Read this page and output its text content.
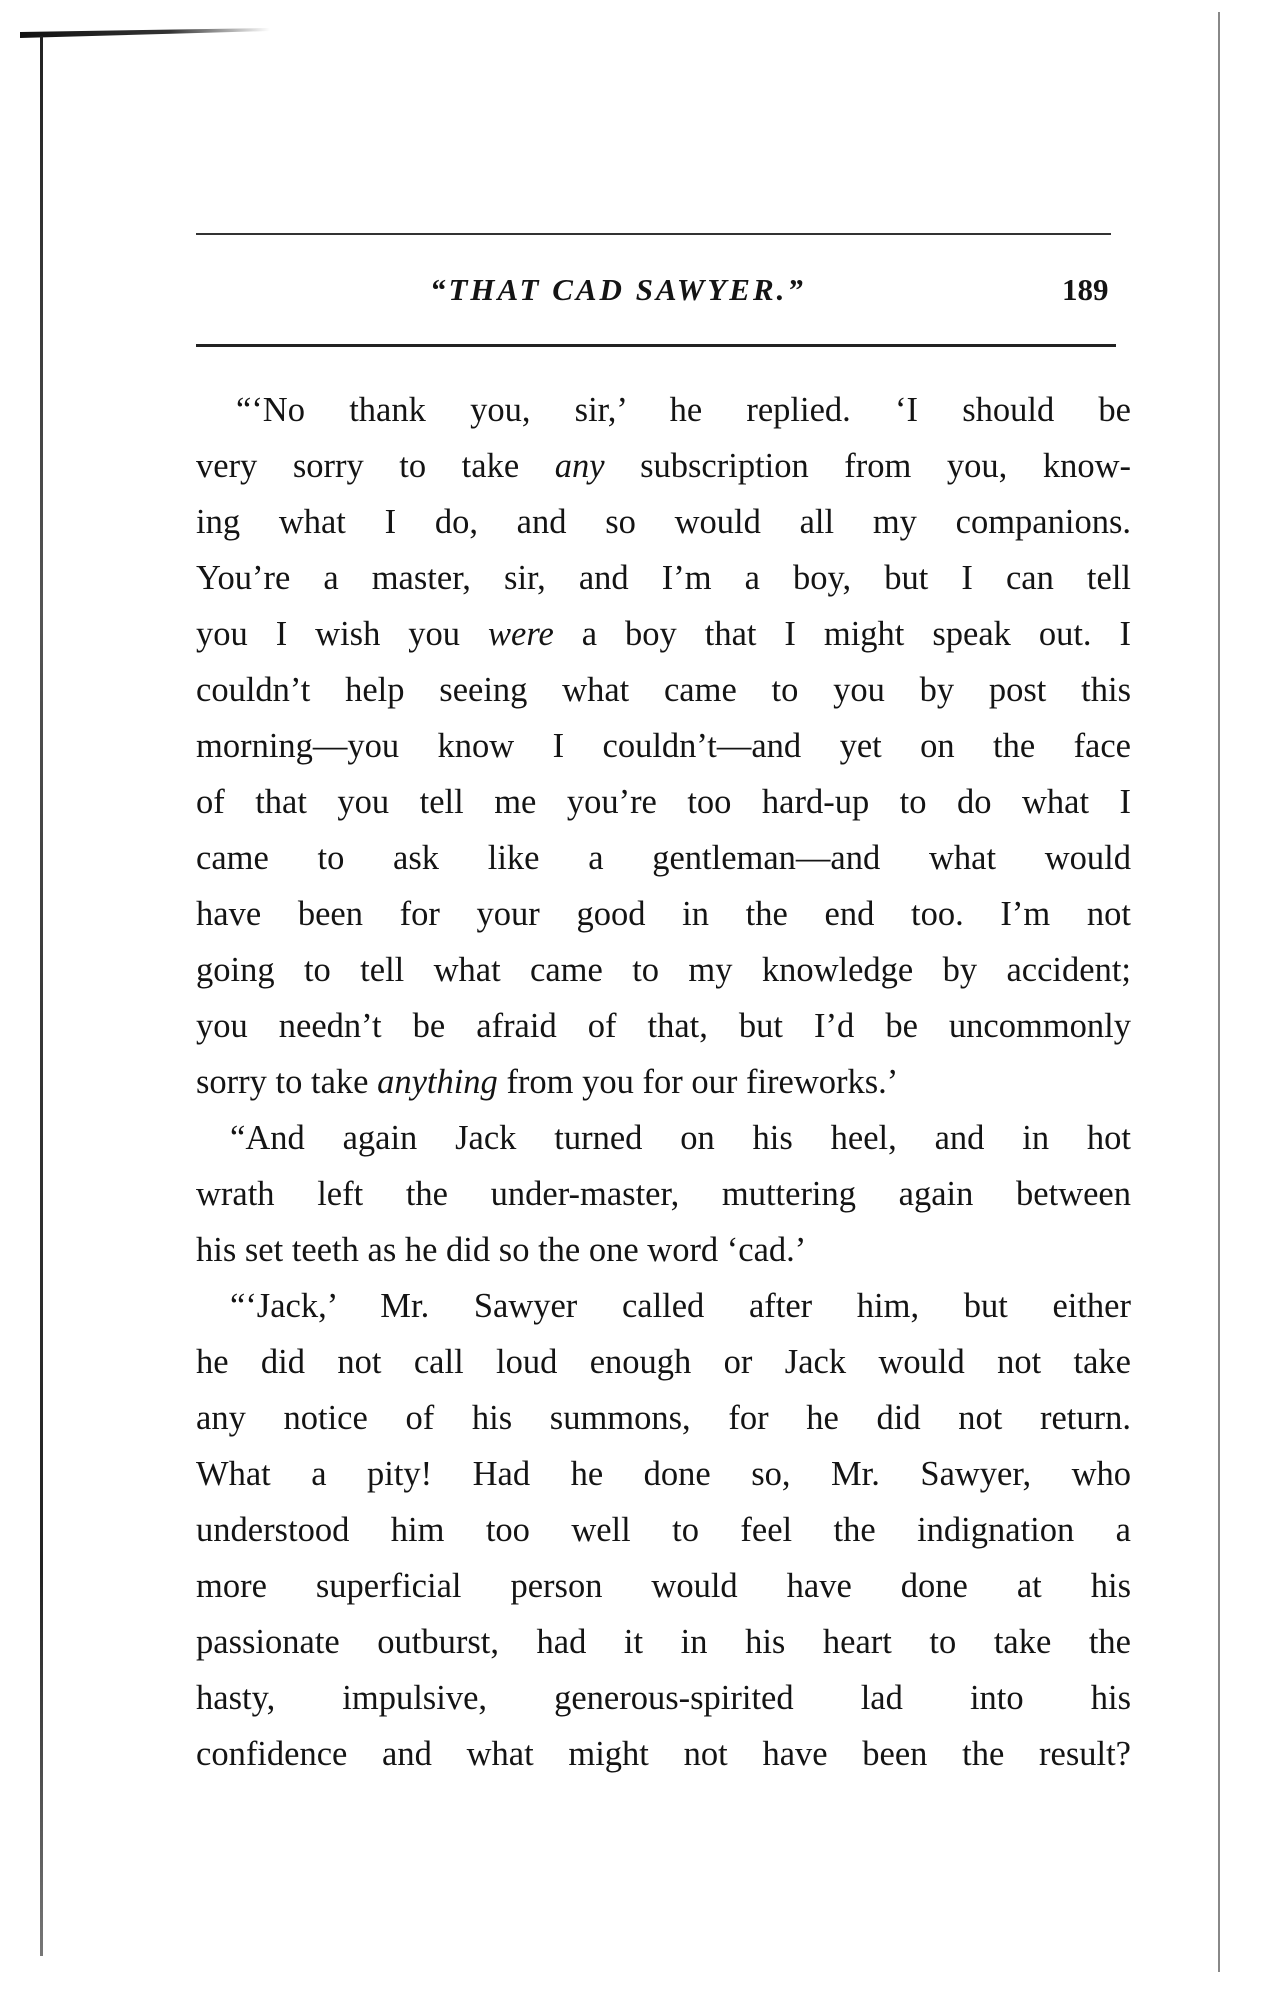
“THAT CAD SAWYER.”	189
“‘No thank you, sir,’ he replied. ‘I should be
very sorry to take any subscription from you, know-
ing what I do, and so would all my companions.
You’re a master, sir, and I’m a boy, but I can tell
you I wish you were a boy that I might speak out. I
couldn’t help seeing what came to you by post this
morning—you know I couldn’t—and yet on the face
of that you tell me you’re too hard-up to do what I
came to ask like a gentleman—and what would
have been for your good in the end too. I’m not
going to tell what came to my knowledge by accident;
you needn’t be afraid of that, but I’d be uncommonly
sorry to take anything from you for our fireworks.’
“And again Jack turned on his heel, and in hot
wrath left the under-master, muttering again between
his set teeth as he did so the one word ‘cad.’
“‘Jack,’ Mr. Sawyer called after him, but either
he did not call loud enough or Jack would not take
any notice of his summons, for he did not return.
What a pity! Had he done so, Mr. Sawyer, who
understood him too well to feel the indignation a
more superficial person would have done at his
passionate outburst, had it in his heart to take the
hasty, impulsive, generous-spirited lad into his
confidence and what might not have been the result?
